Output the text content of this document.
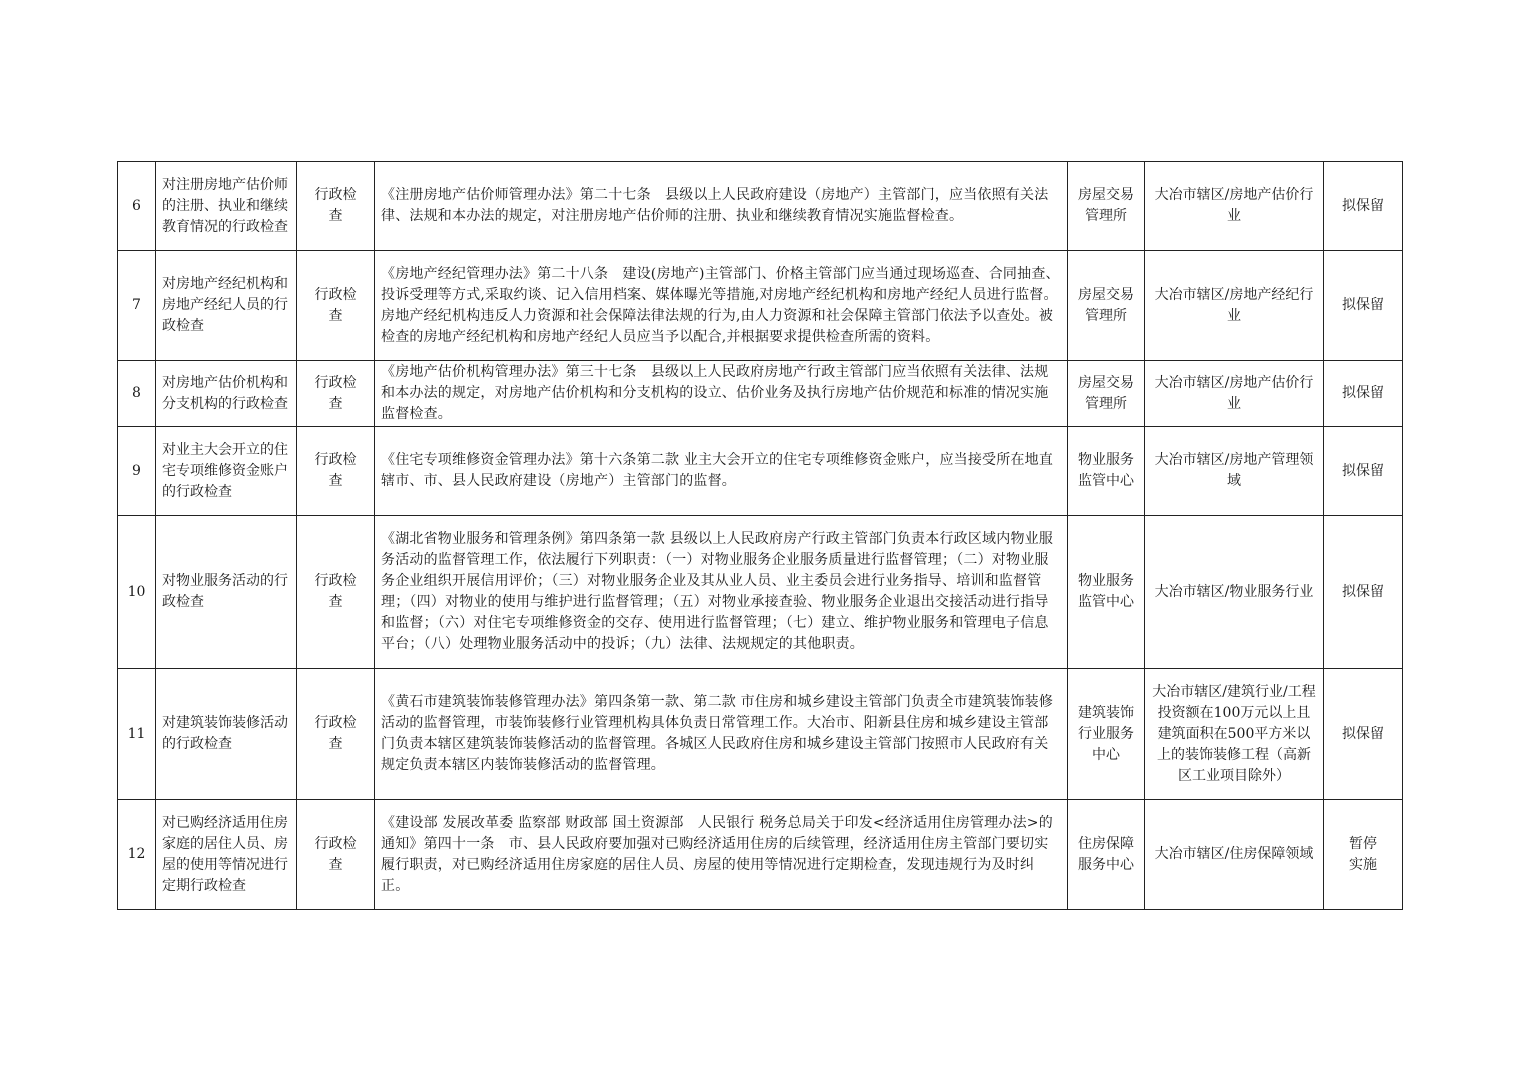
6	对注册房地产估价师的注册、执业和继续教育情况的行政检查	行政检查	《注册房地产估价师管理办法》第二十七条　县级以上人民政府建设（房地产）主管部门，应当依照有关法律、法规和本办法的规定，对注册房地产估价师的注册、执业和继续教育情况实施监督检查。	房屋交易管理所	大冶市辖区/房地产估价行业	拟保留
7	对房地产经纪机构和房地产经纪人员的行政检查	行政检查	《房地产经纪管理办法》第二十八条　建设(房地产)主管部门、价格主管部门应当通过现场巡查、合同抽查、投诉受理等方式,采取约谈、记入信用档案、媒体曝光等措施,对房地产经纪机构和房地产经纪人员进行监督。房地产经纪机构违反人力资源和社会保障法律法规的行为,由人力资源和社会保障主管部门依法予以查处。被检查的房地产经纪机构和房地产经纪人员应当予以配合,并根据要求提供检查所需的资料。	房屋交易管理所	大冶市辖区/房地产经纪行业	拟保留
8	对房地产估价机构和分支机构的行政检查	行政检查	《房地产估价机构管理办法》第三十七条　县级以上人民政府房地产行政主管部门应当依照有关法律、法规和本办法的规定，对房地产估价机构和分支机构的设立、估价业务及执行房地产估价规范和标准的情况实施监督检查。	房屋交易管理所	大冶市辖区/房地产估价行业	拟保留
9	对业主大会开立的住宅专项维修资金账户的行政检查	行政检查	《住宅专项维修资金管理办法》第十六条第二款 业主大会开立的住宅专项维修资金账户，应当接受所在地直辖市、市、县人民政府建设（房地产）主管部门的监督。	物业服务监管中心	大冶市辖区/房地产管理领域	拟保留
10	对物业服务活动的行政检查	行政检查	《湖北省物业服务和管理条例》第四条第一款 县级以上人民政府房产行政主管部门负责本行政区域内物业服务活动的监督管理工作，依法履行下列职责：（一）对物业服务企业服务质量进行监督管理；（二）对物业服务企业组织开展信用评价；（三）对物业服务企业及其从业人员、业主委员会进行业务指导、培训和监督管理；（四）对物业的使用与维护进行监督管理；（五）对物业承接查验、物业服务企业退出交接活动进行指导和监督；（六）对住宅专项维修资金的交存、使用进行监督管理；（七）建立、维护物业服务和管理电子信息平台；（八）处理物业服务活动中的投诉；（九）法律、法规规定的其他职责。	物业服务监管中心	大冶市辖区/物业服务行业	拟保留
11	对建筑装饰装修活动的行政检查	行政检查	《黄石市建筑装饰装修管理办法》第四条第一款、第二款 市住房和城乡建设主管部门负责全市建筑装饰装修活动的监督管理，市装饰装修行业管理机构具体负责日常管理工作。大冶市、阳新县住房和城乡建设主管部门负责本辖区建筑装饰装修活动的监督管理。各城区人民政府住房和城乡建设主管部门按照市人民政府有关规定负责本辖区内装饰装修活动的监督管理。	建筑装饰行业服务中心	大冶市辖区/建筑行业/工程投资额在100万元以上且建筑面积在500平方米以上的装饰装修工程（高新区工业项目除外）	拟保留
12	对已购经济适用住房家庭的居住人员、房屋的使用等情况进行定期行政检查	行政检查	《建设部 发展改革委 监察部 财政部 国土资源部　人民银行 税务总局关于印发<经济适用住房管理办法>的通知》第四十一条　市、县人民政府要加强对已购经济适用住房的后续管理，经济适用住房主管部门要切实履行职责，对已购经济适用住房家庭的居住人员、房屋的使用等情况进行定期检查，发现违规行为及时纠正。	住房保障服务中心	大冶市辖区/住房保障领域	暂停实施
